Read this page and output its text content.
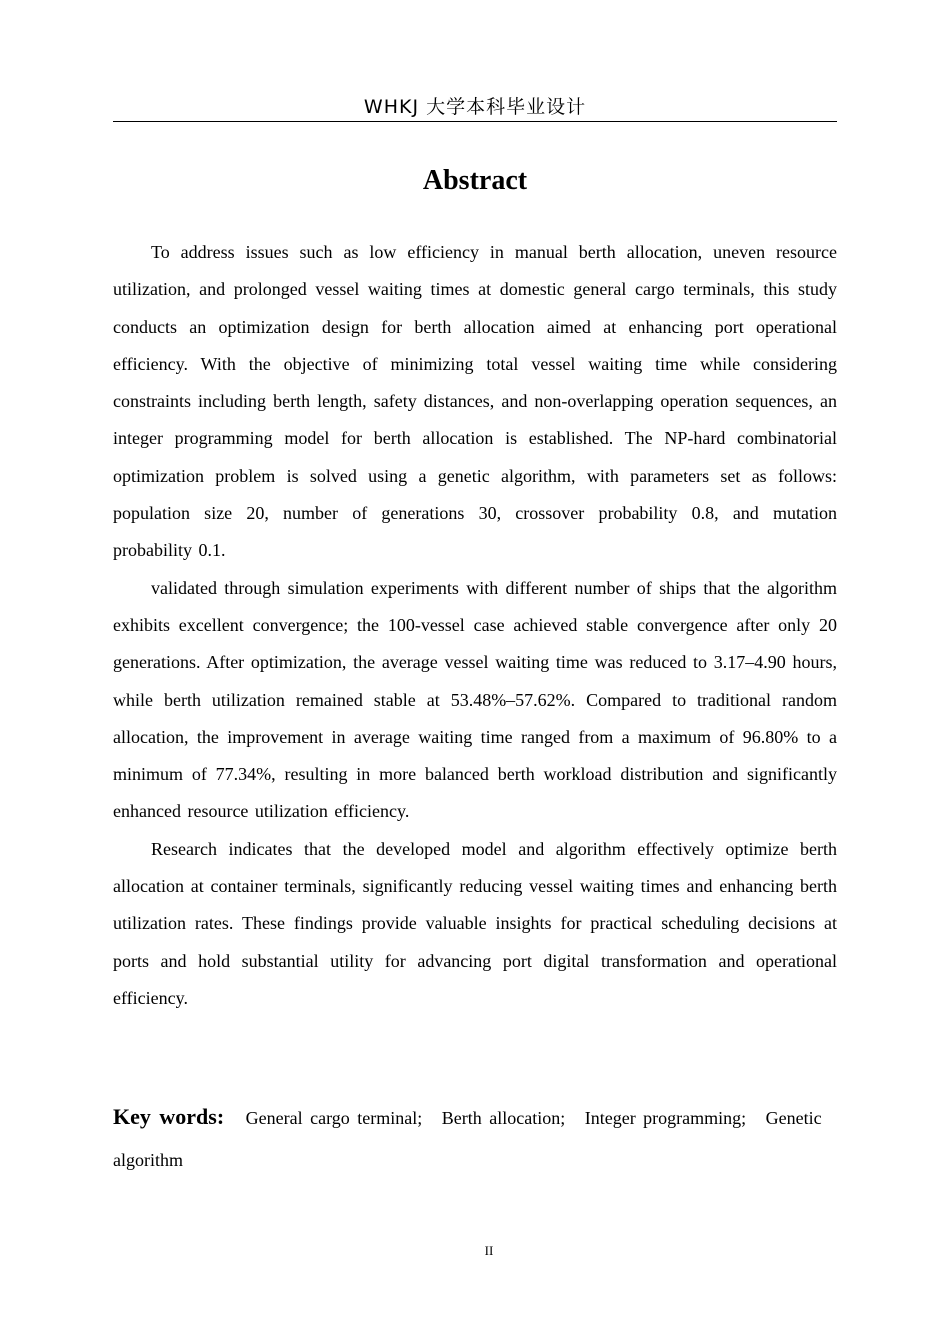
WHKJ 大学本科毕业设计
Abstract

To address issues such as low efficiency in manual berth allocation, uneven resource utilization, and prolonged vessel waiting times at domestic general cargo terminals, this study conducts an optimization design for berth allocation aimed at enhancing port operational efficiency. With the objective of minimizing total vessel waiting time while considering constraints including berth length, safety distances, and non-overlapping operation sequences, an integer programming model for berth allocation is established. The NP-hard combinatorial optimization problem is solved using a genetic algorithm, with parameters set as follows: population size 20, number of generations 30, crossover probability 0.8, and mutation probability 0.1.

validated through simulation experiments with different number of ships that the algorithm exhibits excellent convergence; the 100-vessel case achieved stable convergence after only 20 generations. After optimization, the average vessel waiting time was reduced to 3.17–4.90 hours, while berth utilization remained stable at 53.48%–57.62%. Compared to traditional random allocation, the improvement in average waiting time ranged from a maximum of 96.80% to a minimum of 77.34%, resulting in more balanced berth workload distribution and significantly enhanced resource utilization efficiency.

Research indicates that the developed model and algorithm effectively optimize berth allocation at container terminals, significantly reducing vessel waiting times and enhancing berth utilization rates. These findings provide valuable insights for practical scheduling decisions at ports and hold substantial utility for advancing port digital transformation and operational efficiency.

Key words: General cargo terminal; Berth allocation; Integer programming; Genetic algorithm
II
